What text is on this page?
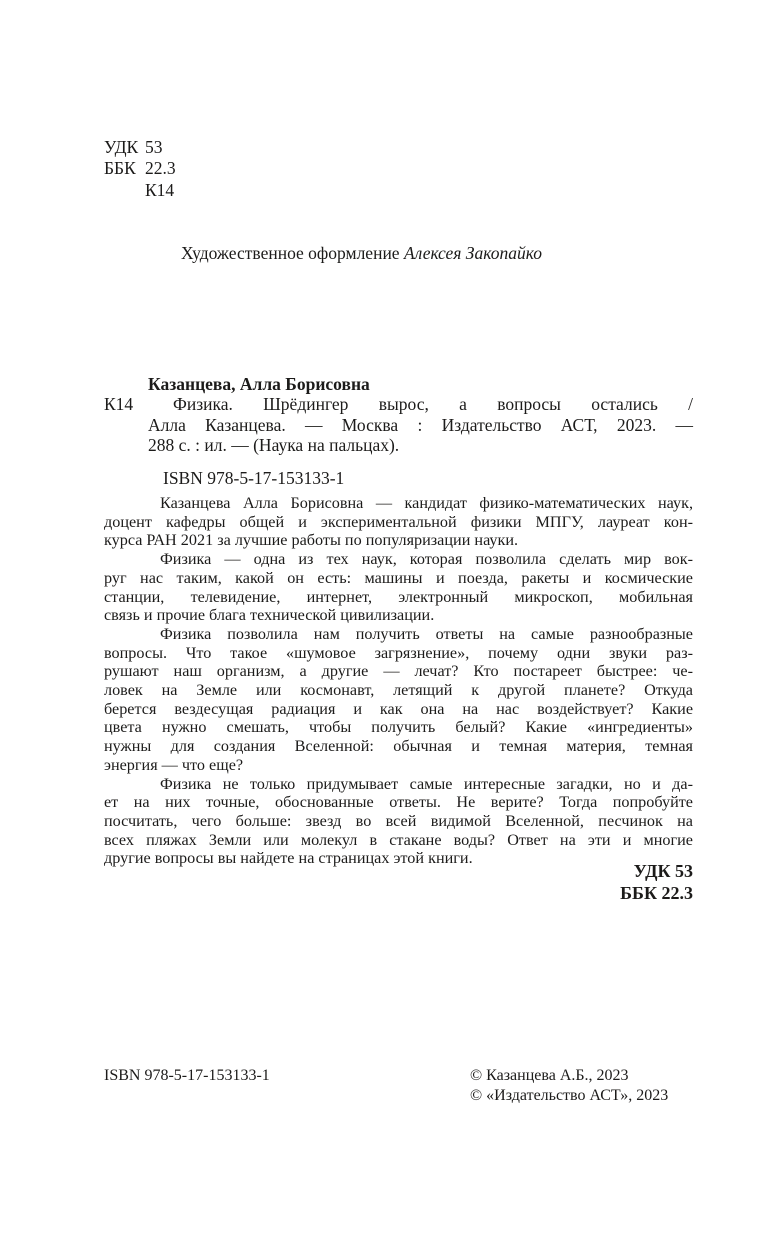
УДК 53
ББК 22.3
К14
Художественное оформление Алексея Закопайко
Казанцева, Алла Борисовна
К14	Физика. Шрёдингер вырос, а вопросы остались /
Алла Казанцева. — Москва : Издательство АСТ, 2023. —
288 с. : ил. — (Наука на пальцах).
ISBN 978-5-17-153133-1
Казанцева Алла Борисовна — кандидат физико-математических наук,
доцент кафедры общей и экспериментальной физики МПГУ, лауреат кон-
курса РАН 2021 за лучшие работы по популяризации науки.
Физика — одна из тех наук, которая позволила сделать мир вок-
руг нас таким, какой он есть: машины и поезда, ракеты и космические
станции, телевидение, интернет, электронный микроскоп, мобильная
связь и прочие блага технической цивилизации.
Физика позволила нам получить ответы на самые разнообразные
вопросы. Что такое «шумовое загрязнение», почему одни звуки раз-
рушают наш организм, а другие — лечат? Кто постареет быстрее: че-
ловек на Земле или космонавт, летящий к другой планете? Откуда
берется вездесущая радиация и как она на нас воздействует? Какие
цвета нужно смешать, чтобы получить белый? Какие «ингредиенты»
нужны для создания Вселенной: обычная и темная материя, темная
энергия — что еще?
Физика не только придумывает самые интересные загадки, но и да-
ет на них точные, обоснованные ответы. Не верите? Тогда попробуйте
посчитать, чего больше: звезд во всей видимой Вселенной, песчинок на
всех пляжах Земли или молекул в стакане воды? Ответ на эти и многие
другие вопросы вы найдете на страницах этой книги.
УДК 53
ББК 22.3
ISBN 978-5-17-153133-1	© Казанцева А.Б., 2023
© «Издательство АСТ», 2023
